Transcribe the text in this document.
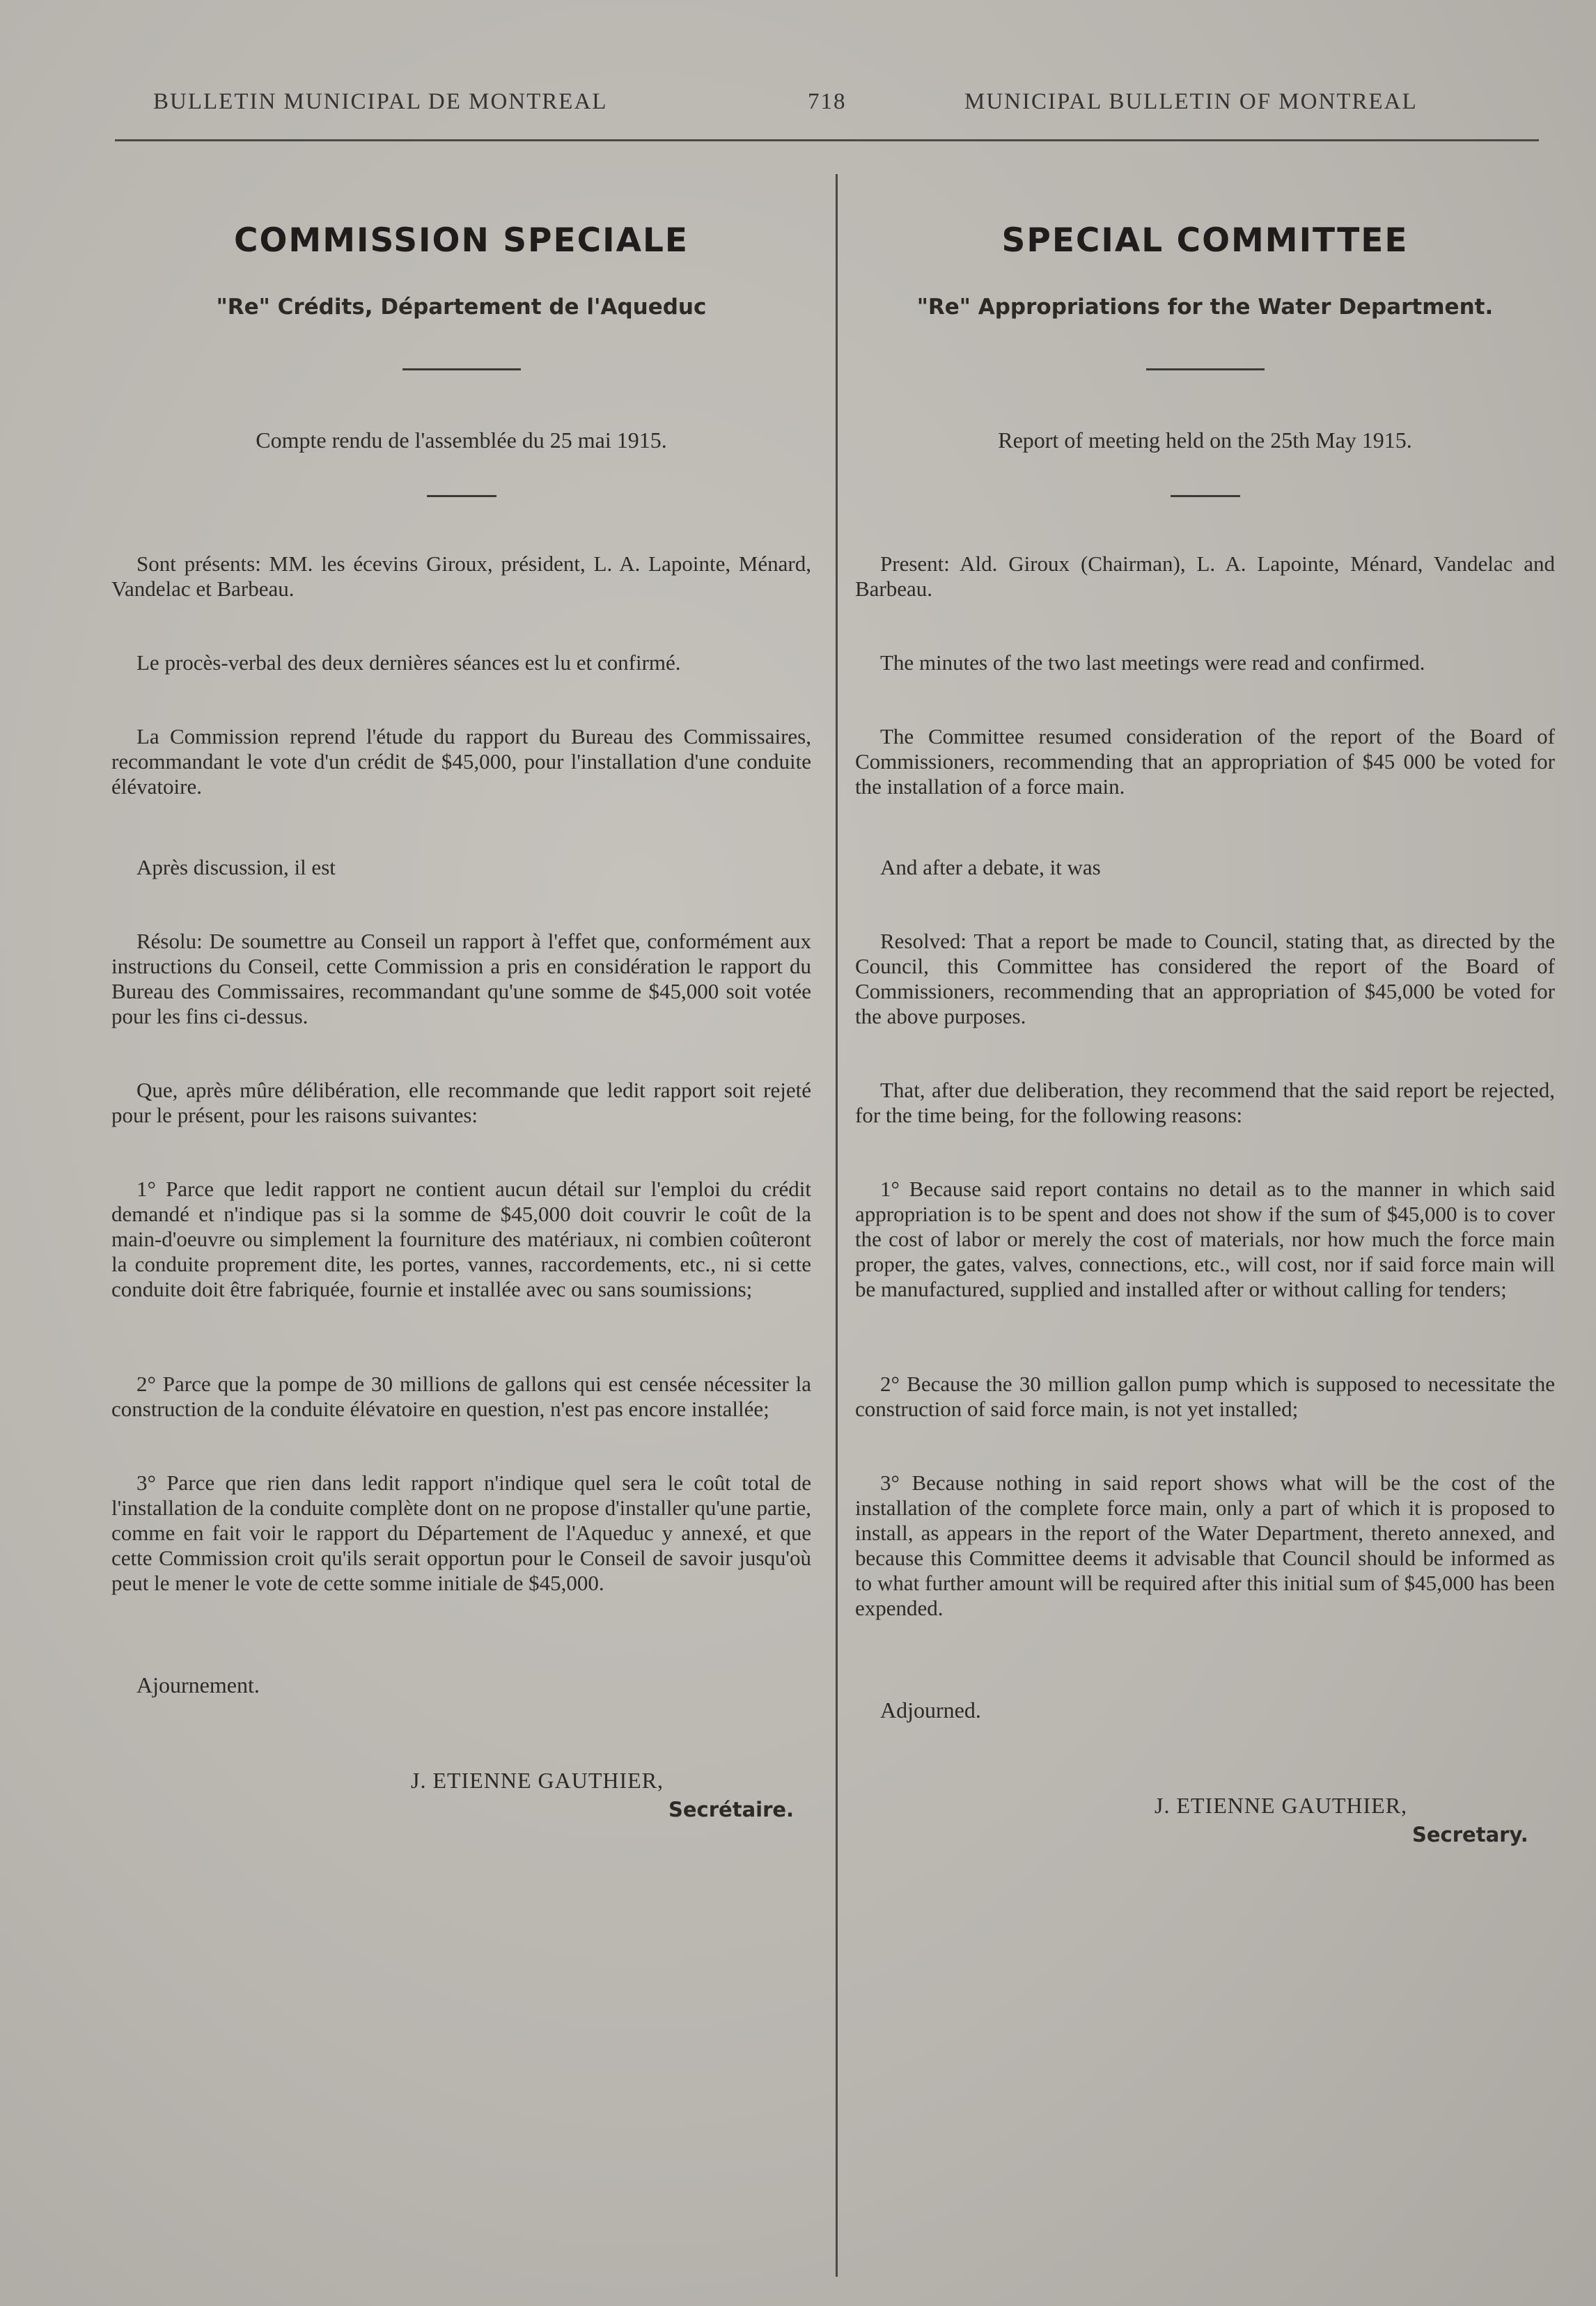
BULLETIN MUNICIPAL DE MONTREAL	718	MUNICIPAL BULLETIN OF MONTREAL
COMMISSION SPECIALE
"Re" Crédits, Département de l'Aqueduc
Compte rendu de l'assemblée du 25 mai 1915.
Sont présents: MM. les écevins Giroux, président, L. A. Lapointe, Ménard, Vandelac et Barbeau.
Le procès-verbal des deux dernières séances est lu et confirmé.
La Commission reprend l'étude du rapport du Bureau des Commissaires, recommandant le vote d'un crédit de $45,000, pour l'installation d'une conduite élévatoire.
Après discussion, il est
Résolu: De soumettre au Conseil un rapport à l'effet que, conformément aux instructions du Conseil, cette Commission a pris en considération le rapport du Bureau des Commissaires, recommandant qu'une somme de $45,000 soit votée pour les fins ci-dessus.
Que, après mûre délibération, elle recommande que ledit rapport soit rejeté pour le présent, pour les raisons suivantes:
1° Parce que ledit rapport ne contient aucun détail sur l'emploi du crédit demandé et n'indique pas si la somme de $45,000 doit couvrir le coût de la main-d'oeuvre ou simplement la fourniture des matériaux, ni combien coûteront la conduite proprement dite, les portes, vannes, raccordements, etc., ni si cette conduite doit être fabriquée, fournie et installée avec ou sans soumissions;
2° Parce que la pompe de 30 millions de gallons qui est censée nécessiter la construction de la conduite élévatoire en question, n'est pas encore installée;
3° Parce que rien dans ledit rapport n'indique quel sera le coût total de l'installation de la conduite complète dont on ne propose d'installer qu'une partie, comme en fait voir le rapport du Département de l'Aqueduc y annexé, et que cette Commission croit qu'ils serait opportun pour le Conseil de savoir jusqu'où peut le mener le vote de cette somme initiale de $45,000.
Ajournement.
J. ETIENNE GAUTHIER,
Secrétaire.
SPECIAL COMMITTEE
"Re" Appropriations for the Water Department.
Report of meeting held on the 25th May 1915.
Present: Ald. Giroux (Chairman), L. A. Lapointe, Ménard, Vandelac and Barbeau.
The minutes of the two last meetings were read and confirmed.
The Committee resumed consideration of the report of the Board of Commissioners, recommending that an appropriation of $45 000 be voted for the installation of a force main.
And after a debate, it was
Resolved: That a report be made to Council, stating that, as directed by the Council, this Committee has considered the report of the Board of Commissioners, recommending that an appropriation of $45,000 be voted for the above purposes.
That, after due deliberation, they recommend that the said report be rejected, for the time being, for the following reasons:
1° Because said report contains no detail as to the manner in which said appropriation is to be spent and does not show if the sum of $45,000 is to cover the cost of labor or merely the cost of materials, nor how much the force main proper, the gates, valves, connections, etc., will cost, nor if said force main will be manufactured, supplied and installed after or without calling for tenders;
2° Because the 30 million gallon pump which is supposed to necessitate the construction of said force main, is not yet installed;
3° Because nothing in said report shows what will be the cost of the installation of the complete force main, only a part of which it is proposed to install, as appears in the report of the Water Department, thereto annexed, and because this Committee deems it advisable that Council should be informed as to what further amount will be required after this initial sum of $45,000 has been expended.
Adjourned.
J. ETIENNE GAUTHIER,
Secretary.
